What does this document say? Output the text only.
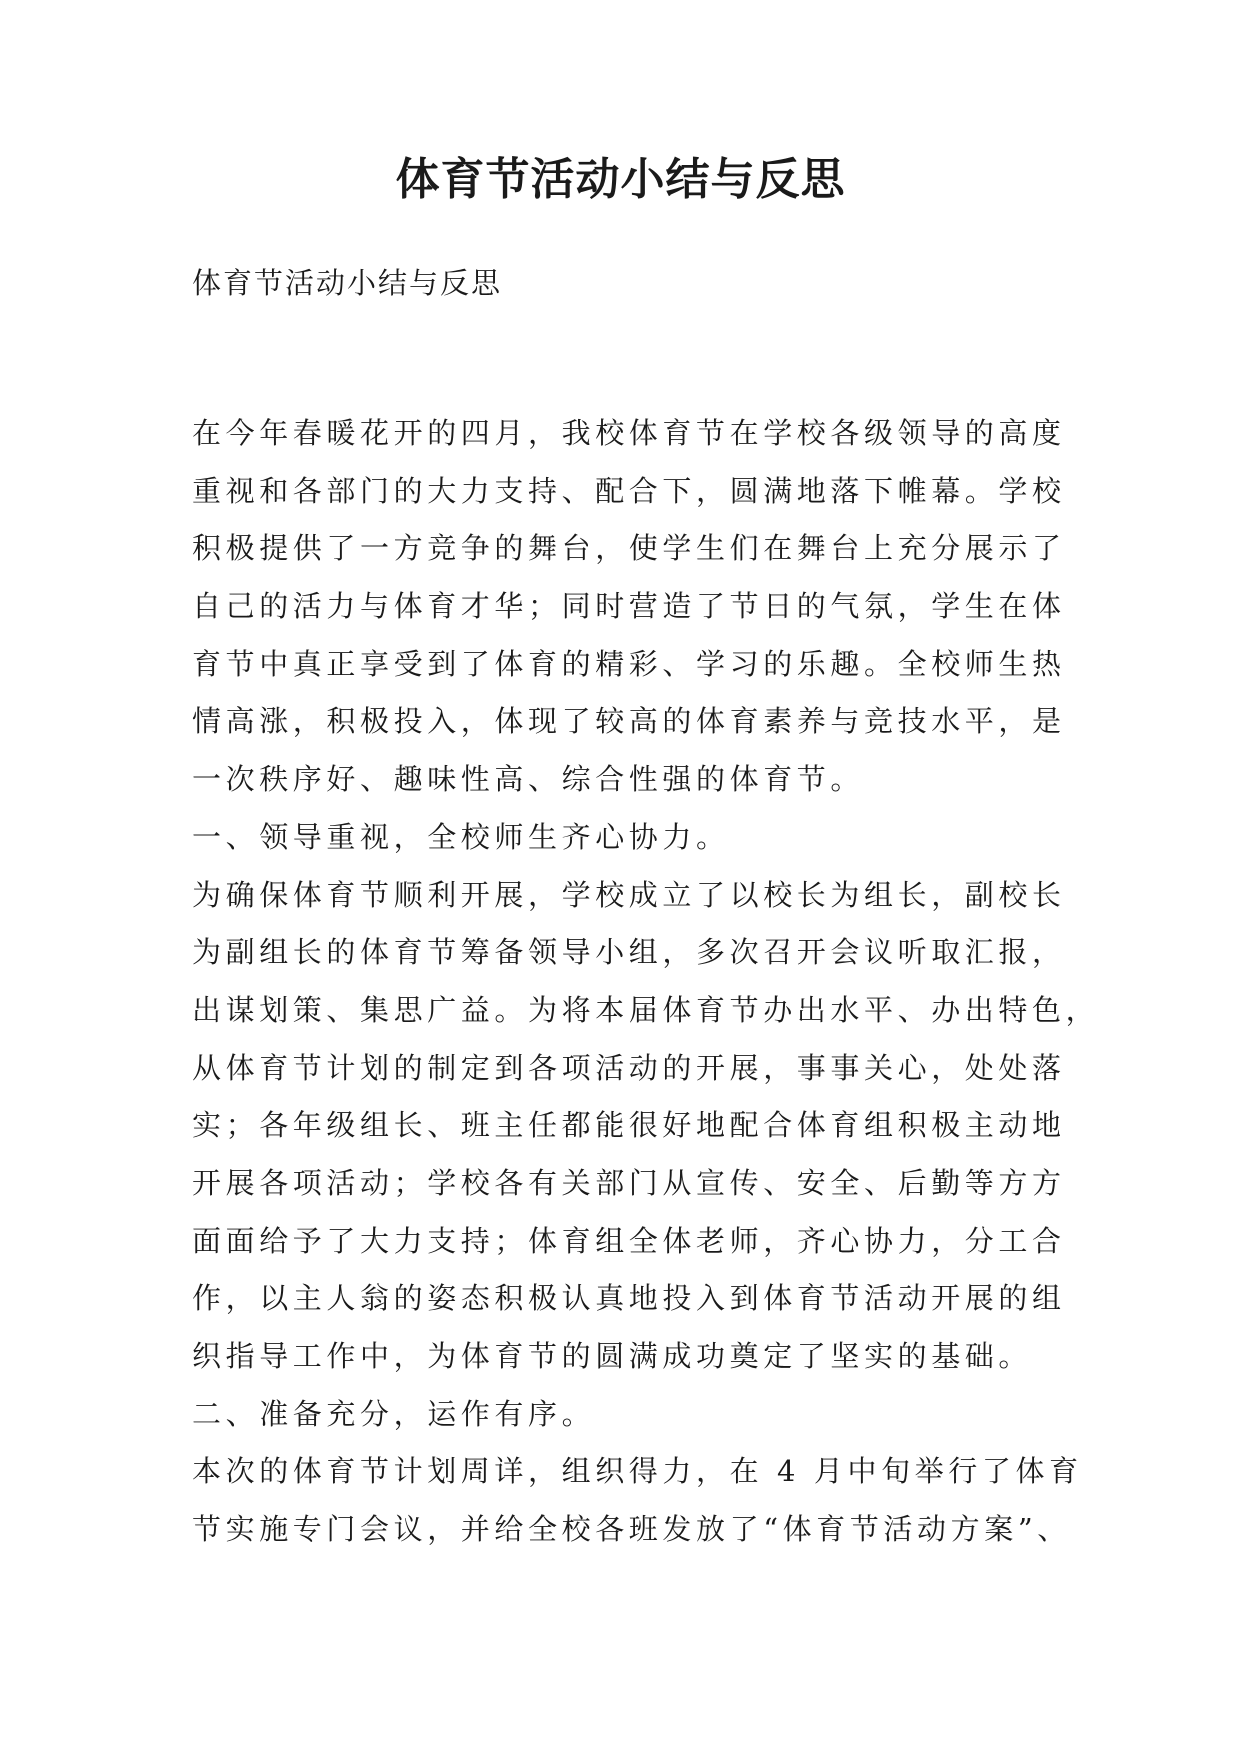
体育节活动小结与反思

体育节活动小结与反思

在今年春暖花开的四月，我校体育节在学校各级领导的高度
重视和各部门的大力支持、配合下，圆满地落下帷幕。学校
积极提供了一方竞争的舞台，使学生们在舞台上充分展示了
自己的活力与体育才华；同时营造了节日的气氛，学生在体
育节中真正享受到了体育的精彩、学习的乐趣。全校师生热
情高涨，积极投入，体现了较高的体育素养与竞技水平，是
一次秩序好、趣味性高、综合性强的体育节。
一、领导重视，全校师生齐心协力。
为确保体育节顺利开展，学校成立了以校长为组长，副校长
为副组长的体育节筹备领导小组，多次召开会议听取汇报，
出谋划策、集思广益。为将本届体育节办出水平、办出特色，
从体育节计划的制定到各项活动的开展，事事关心，处处落
实；各年级组长、班主任都能很好地配合体育组积极主动地
开展各项活动；学校各有关部门从宣传、安全、后勤等方方
面面给予了大力支持；体育组全体老师，齐心协力，分工合
作，以主人翁的姿态积极认真地投入到体育节活动开展的组
织指导工作中，为体育节的圆满成功奠定了坚实的基础。
二、准备充分，运作有序。
本次的体育节计划周详，组织得力，在 4 月中旬举行了体育
节实施专门会议，并给全校各班发放了“体育节活动方案”、
